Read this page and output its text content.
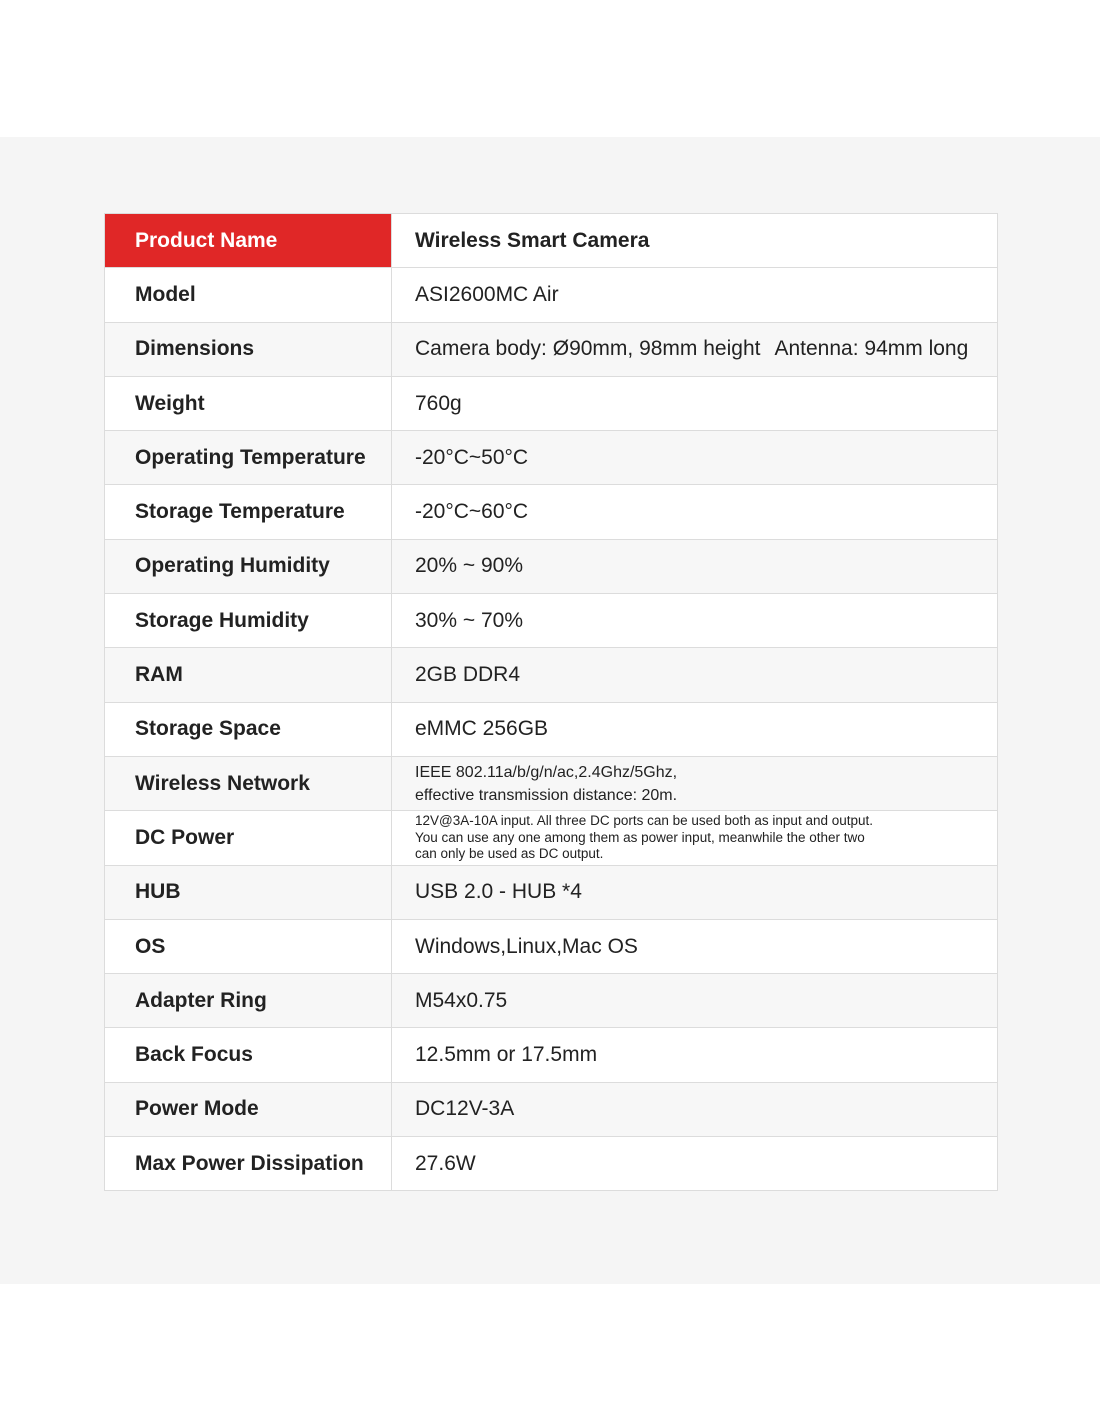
Product Name	Wireless Smart Camera
Model	ASI2600MC Air
Dimensions	Camera body: Ø90mm, 98mm height Antenna: 94mm long
Weight	760g
Operating Temperature	-20°C~50°C
Storage Temperature	-20°C~60°C
Operating Humidity	20% ~ 90%
Storage Humidity	30% ~ 70%
RAM	2GB DDR4
Storage Space	eMMC 256GB
Wireless Network	IEEE 802.11a/b/g/n/ac,2.4Ghz/5Ghz,
effective transmission distance: 20m.
DC Power	12V@3A-10A input. All three DC ports can be used both as input and output.
You can use any one among them as power input, meanwhile the other two
can only be used as DC output.
HUB	USB 2.0 - HUB *4
OS	Windows,Linux,Mac OS
Adapter Ring	M54x0.75
Back Focus	12.5mm or 17.5mm
Power Mode	DC12V-3A
Max Power Dissipation	27.6W
